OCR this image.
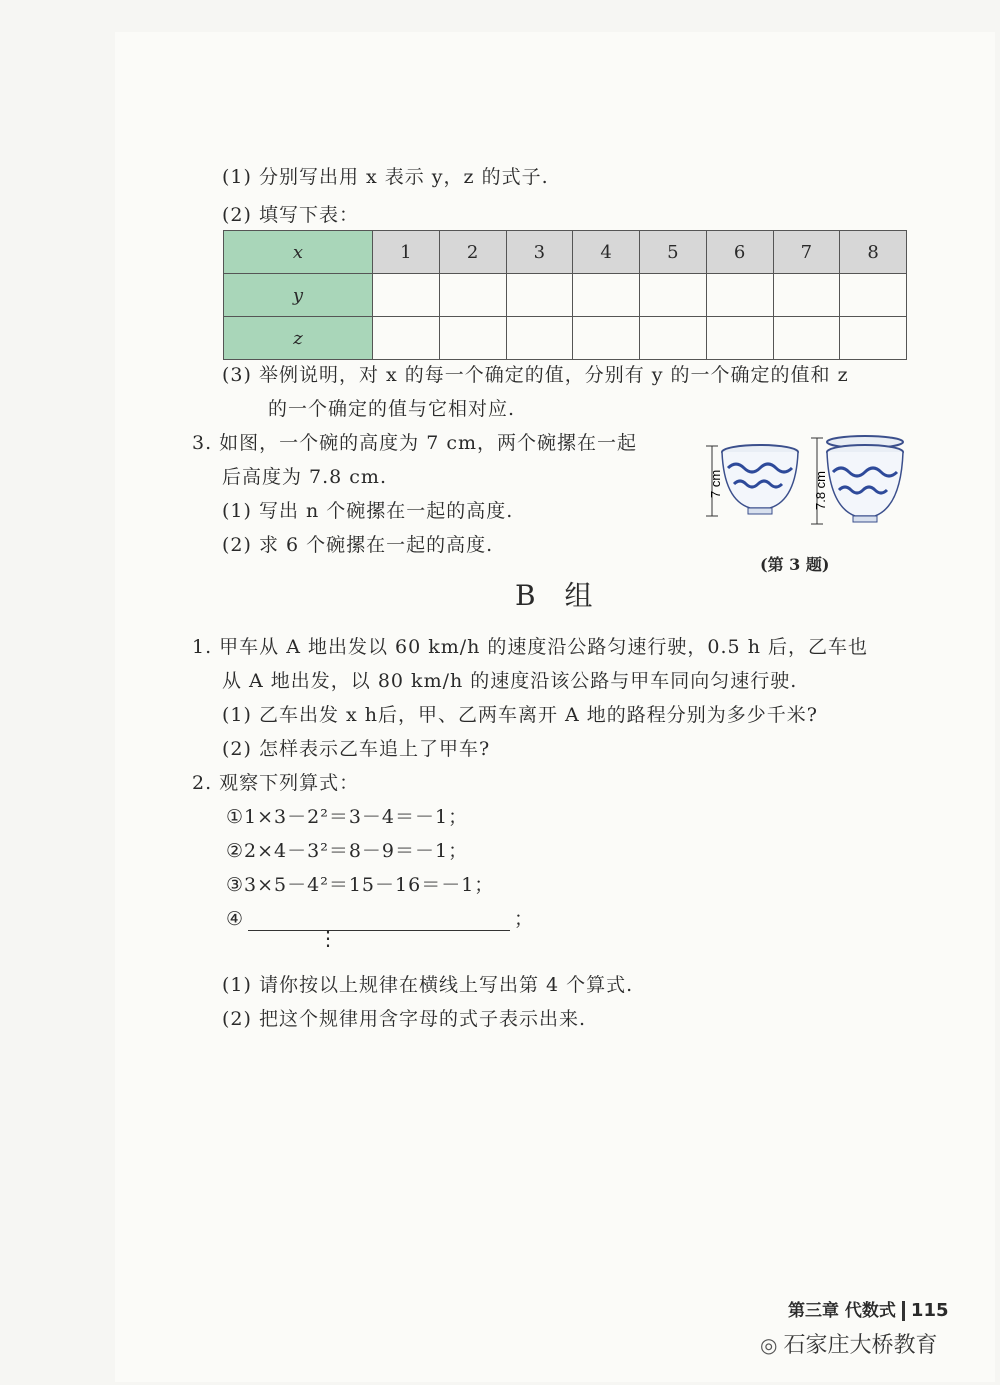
(1) 分别写出用 x 表示 y，z 的式子.
(2) 填写下表：
x	1	2	3	4	5	6	7	8
y								
z								
(3) 举例说明，对 x 的每一个确定的值，分别有 y 的一个确定的值和 z
的一个确定的值与它相对应.
3. 如图，一个碗的高度为 7 cm，两个碗摞在一起
后高度为 7.8 cm.
(1) 写出 n 个碗摞在一起的高度.
(2) 求 6 个碗摞在一起的高度.
7 cm	7.8 cm
(第 3 题)
B 组
1. 甲车从 A 地出发以 60 km/h 的速度沿公路匀速行驶，0.5 h 后，乙车也
从 A 地出发，以 80 km/h 的速度沿该公路与甲车同向匀速行驶.
(1) 乙车出发 x h后，甲、乙两车离开 A 地的路程分别为多少千米?
(2) 怎样表示乙车追上了甲车?
2. 观察下列算式：
①1×3－2²＝3－4＝－1；
②2×4－3²＝8－9＝－1；
③3×5－4²＝15－16＝－1；
④	；
⋮
(1) 请你按以上规律在横线上写出第 4 个算式.
(2) 把这个规律用含字母的式子表示出来.
第三章 代数式 115
◎ 石家庄大桥教育
